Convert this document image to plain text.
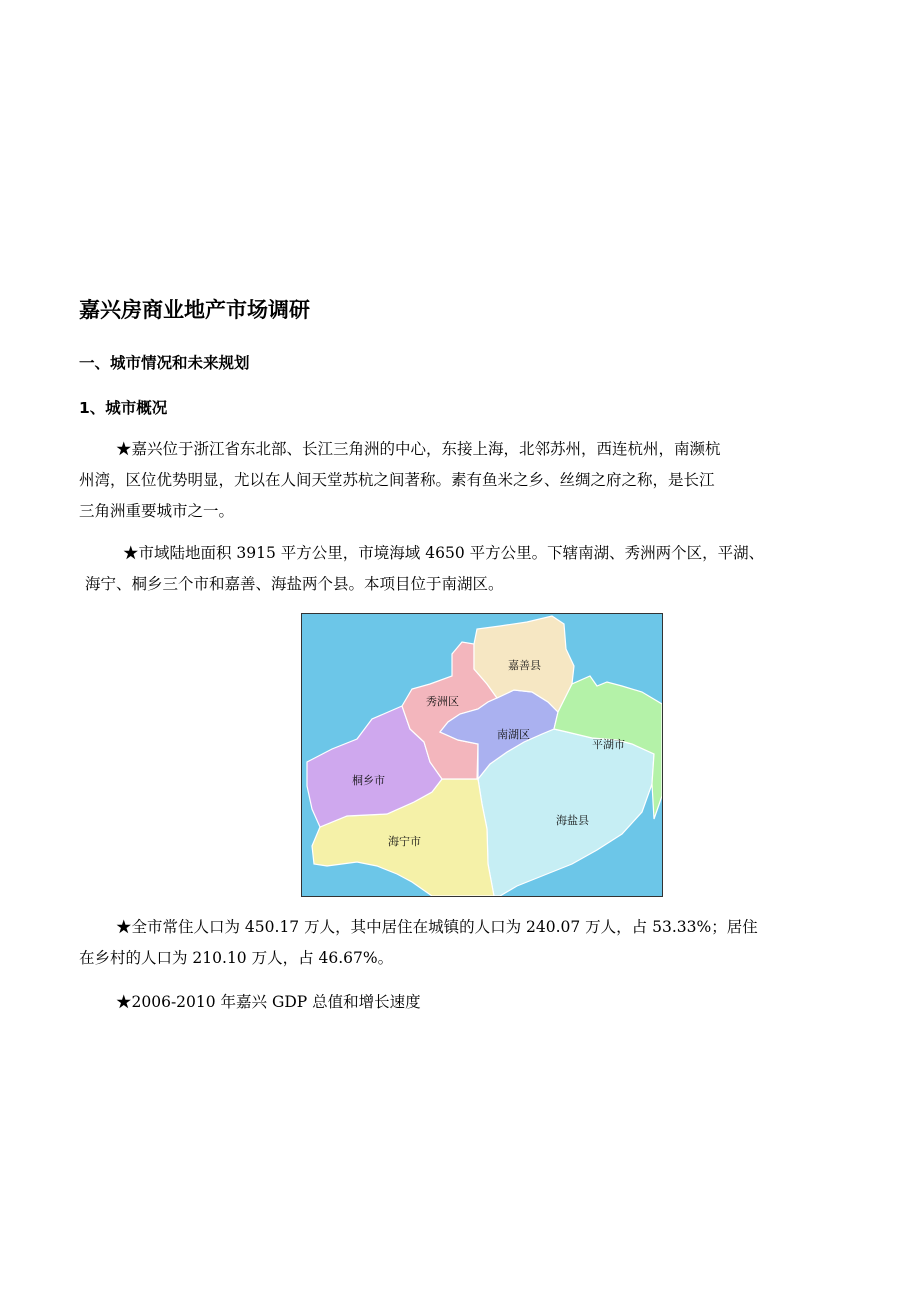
嘉兴房商业地产市场调研
一、城市情况和未来规划
1、城市概况
★嘉兴位于浙江省东北部、长江三角洲的中心，东接上海，北邻苏州，西连杭州，南濒杭
州湾，区位优势明显，尤以在人间天堂苏杭之间著称。素有鱼米之乡、丝绸之府之称，是长江
三角洲重要城市之一。
★市域陆地面积 3915 平方公里，市境海域 4650 平方公里。下辖南湖、秀洲两个区，平湖、
海宁、桐乡三个市和嘉善、海盐两个县。本项目位于南湖区。
嘉善县
秀洲区
南湖区
平湖市
桐乡市
海盐县
海宁市
★全市常住人口为 450.17 万人，其中居住在城镇的人口为 240.07 万人，占 53.33%；居住
在乡村的人口为 210.10 万人，占 46.67%。
★2006-2010 年嘉兴 GDP 总值和增长速度
